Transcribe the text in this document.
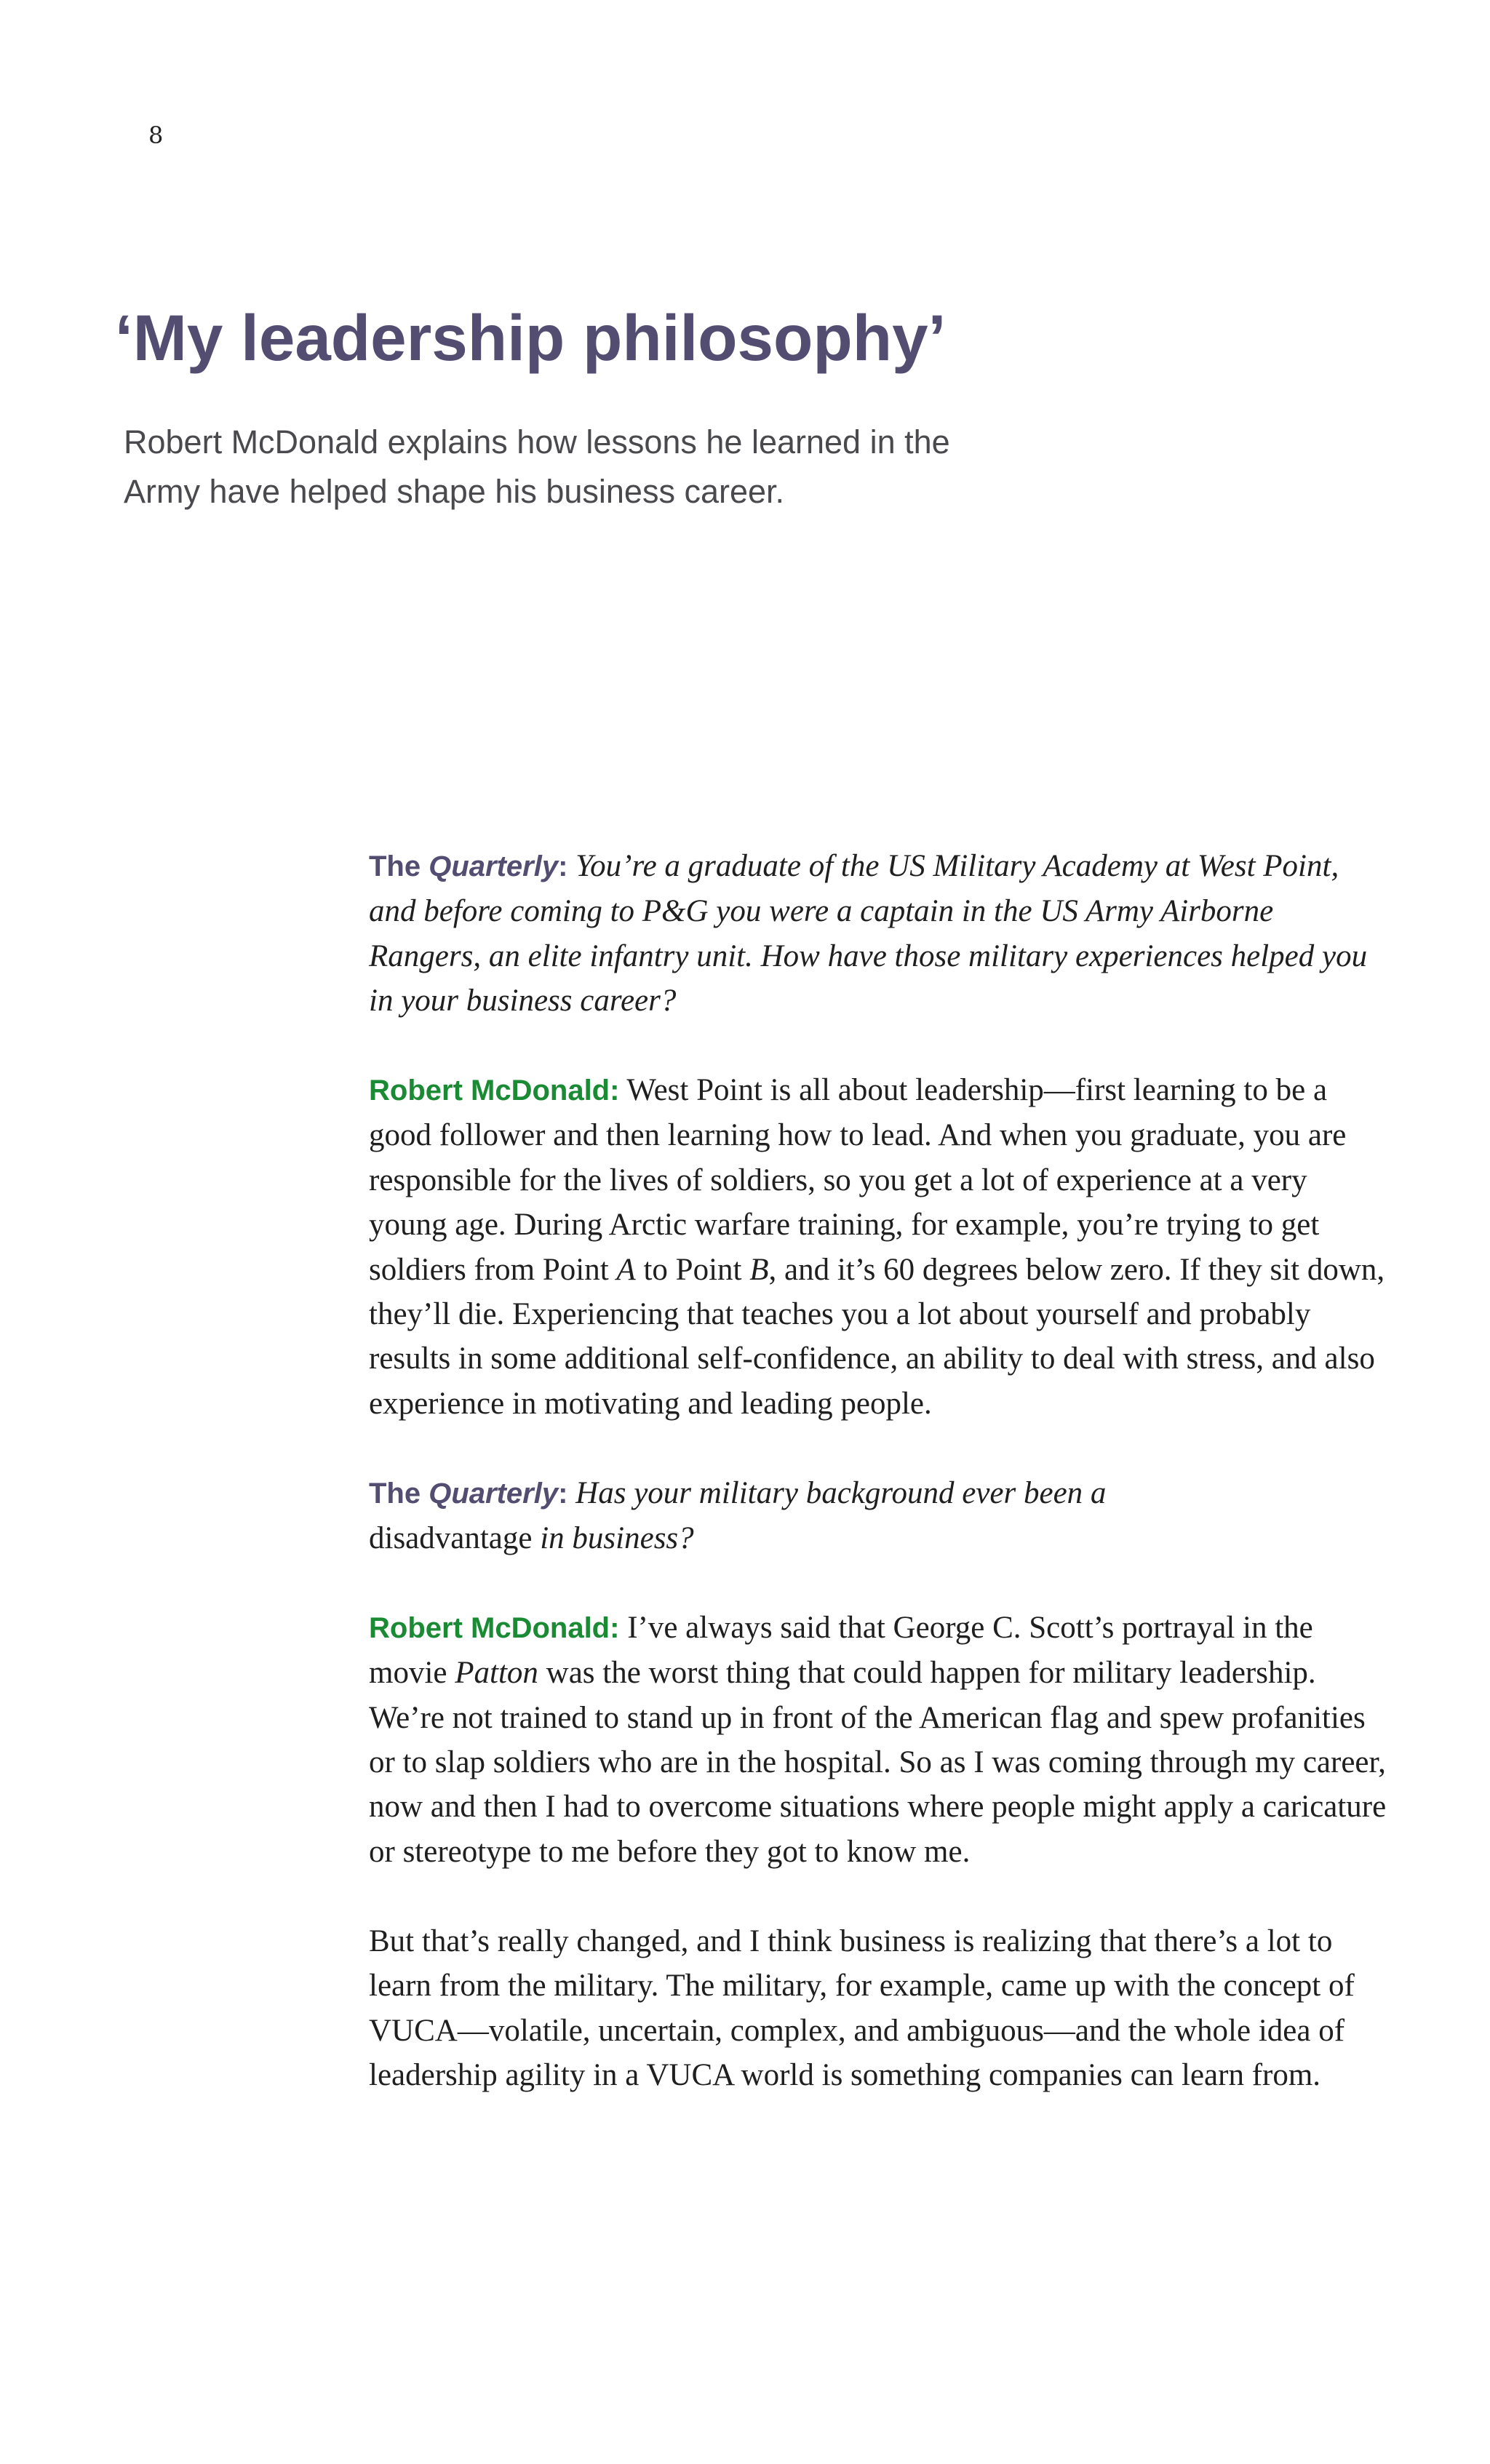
8
‘My leadership philosophy’

Robert McDonald explains how lessons he learned in the Army have helped shape his business career.

The Quarterly: You’re a graduate of the US Military Academy at West Point, and before coming to P&G you were a captain in the US Army Airborne Rangers, an elite infantry unit. How have those military experiences helped you in your business career?

Robert McDonald: West Point is all about leadership—first learning to be a good follower and then learning how to lead. And when you graduate, you are responsible for the lives of soldiers, so you get a lot of experience at a very young age. During Arctic warfare training, for example, you’re trying to get soldiers from Point A to Point B, and it’s 60 degrees below zero. If they sit down, they’ll die. Experiencing that teaches you a lot about yourself and probably results in some additional self-confidence, an ability to deal with stress, and also experience in motivating and leading people.

The Quarterly: Has your military background ever been a
disadvantage in business?

Robert McDonald: I’ve always said that George C. Scott’s portrayal in the movie Patton was the worst thing that could happen for military leadership. We’re not trained to stand up in front of the American flag and spew profanities or to slap soldiers who are in the hospital. So as I was coming through my career, now and then I had to overcome situations where people might apply a caricature or stereotype to me before they got to know me.

But that’s really changed, and I think business is realizing that there’s a lot to learn from the military. The military, for example, came up with the concept of VUCA—volatile, uncertain, complex, and ambiguous—and the whole idea of leadership agility in a VUCA world is something companies can learn from.
